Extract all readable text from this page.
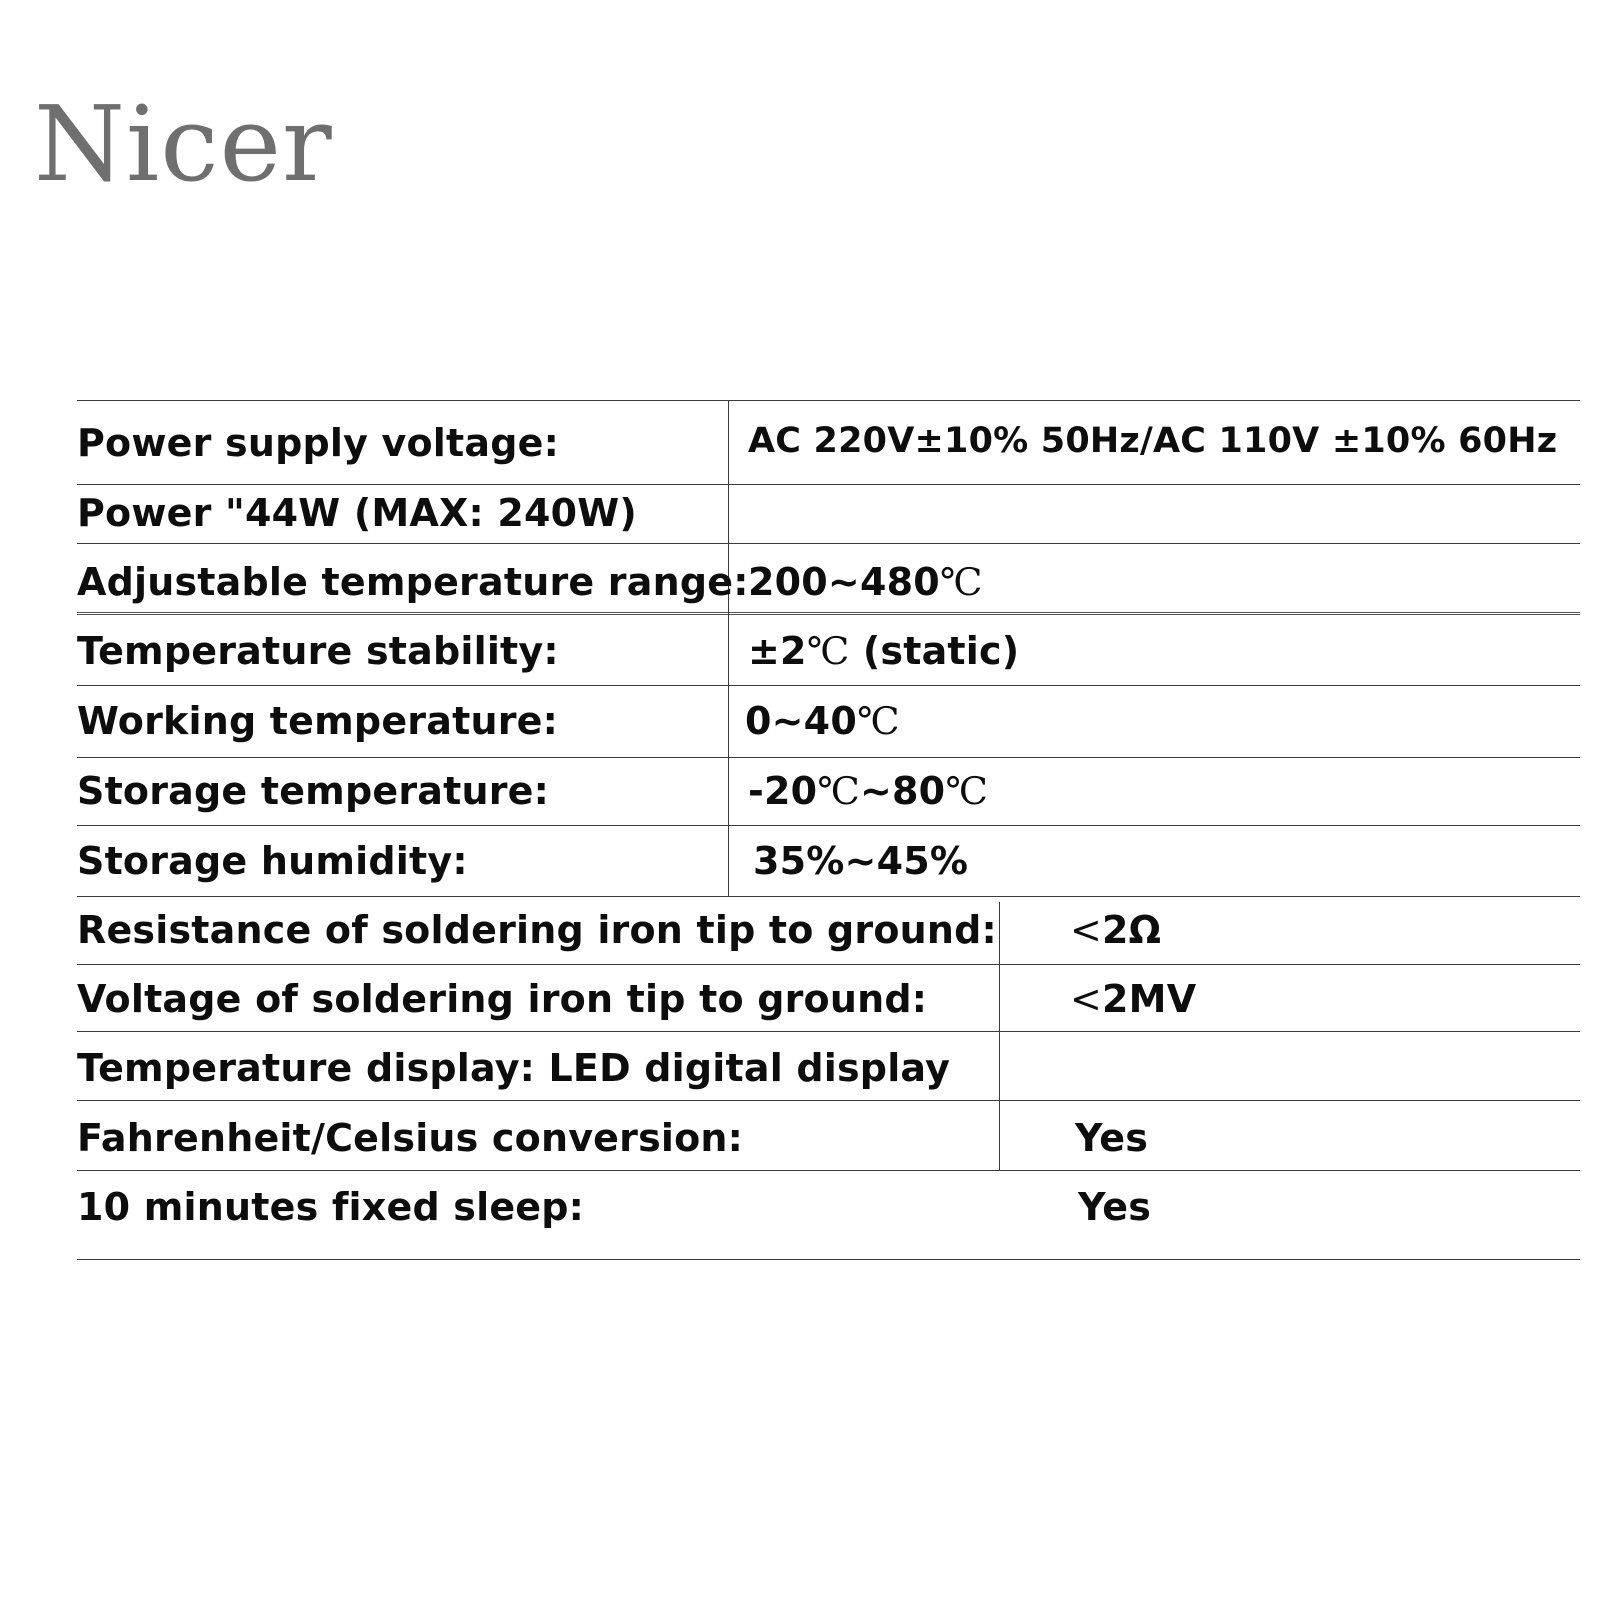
Nicer
Power supply voltage:	AC 220V±10% 50Hz/AC 110V ±10% 60Hz
Power "44W (MAX: 240W)
Adjustable temperature range: 200~480℃
Temperature stability:	±2℃ (static)
Working temperature:	0~40℃
Storage temperature:	-20℃~80℃
Storage humidity:	35%~45%
Resistance of soldering iron tip to ground: <2Ω
Voltage of soldering iron tip to ground:	<2MV
Temperature display: LED digital display
Fahrenheit/Celsius conversion:	Yes
10 minutes fixed sleep:	Yes
